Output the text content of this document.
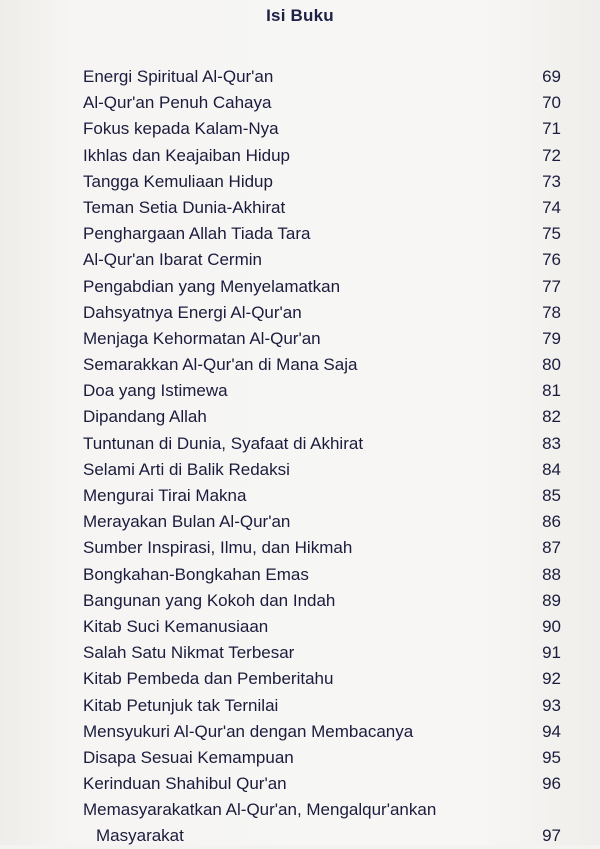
Isi Buku
Energi Spiritual Al-Qur'an	69
Al-Qur'an Penuh Cahaya	70
Fokus kepada Kalam-Nya	71
Ikhlas dan Keajaiban Hidup	72
Tangga Kemuliaan Hidup	73
Teman Setia Dunia-Akhirat	74
Penghargaan Allah Tiada Tara	75
Al-Qur'an Ibarat Cermin	76
Pengabdian yang Menyelamatkan	77
Dahsyatnya Energi Al-Qur'an	78
Menjaga Kehormatan Al-Qur'an	79
Semarakkan Al-Qur'an di Mana Saja	80
Doa yang Istimewa	81
Dipandang Allah	82
Tuntunan di Dunia, Syafaat di Akhirat	83
Selami Arti di Balik Redaksi	84
Mengurai Tirai Makna	85
Merayakan Bulan Al-Qur'an	86
Sumber Inspirasi, Ilmu, dan Hikmah	87
Bongkahan-Bongkahan Emas	88
Bangunan yang Kokoh dan Indah	89
Kitab Suci Kemanusiaan	90
Salah Satu Nikmat Terbesar	91
Kitab Pembeda dan Pemberitahu	92
Kitab Petunjuk tak Ternilai	93
Mensyukuri Al-Qur'an dengan Membacanya	94
Disapa Sesuai Kemampuan	95
Kerinduan Shahibul Qur'an	96
Memasyarakatkan Al-Qur'an, Mengalqur'ankan
Masyarakat	97
